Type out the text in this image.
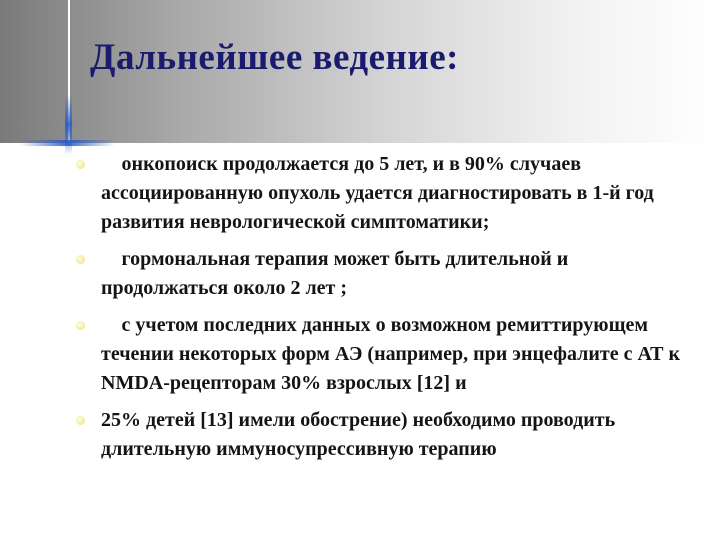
Дальнейшее ведение:
онкопоиск продолжается до 5 лет, и в 90% случаев ассоциированную опухоль удается диагностировать в 1-й год развития неврологической симптоматики;
гормональная терапия может быть длительной и продолжаться около 2 лет ;
с учетом последних данных о возможном ремиттирующем течении некоторых форм АЭ (например, при энцефалите с АТ к NMDA-рецепторам 30% взрослых [12] и
25% детей [13] имели обострение) необходимо проводить длительную иммуносупрессивную терапию
